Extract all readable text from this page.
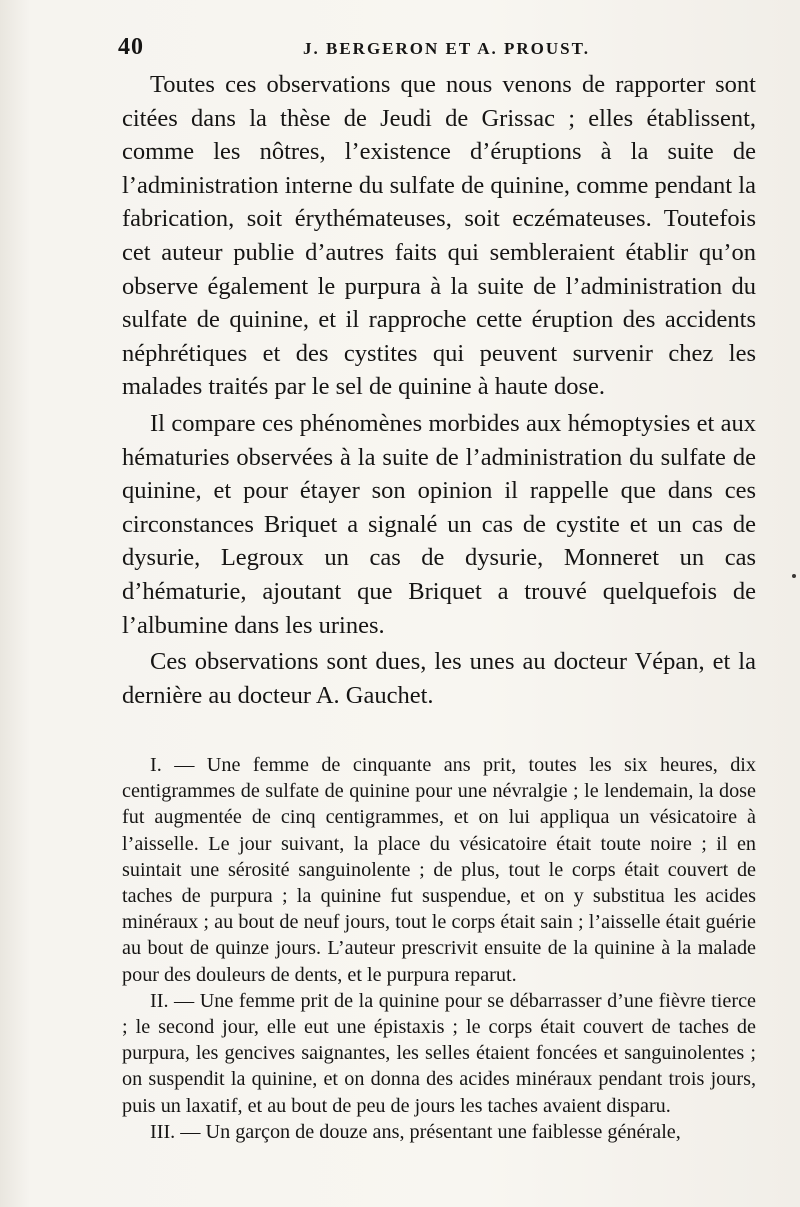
40	J. BERGERON ET A. PROUST.

Toutes ces observations que nous venons de rapporter sont citées dans la thèse de Jeudi de Grissac ; elles établissent, comme les nôtres, l’existence d’éruptions à la suite de l’administration interne du sulfate de quinine, comme pendant la fabrication, soit érythémateuses, soit eczémateuses. Toutefois cet auteur publie d’autres faits qui sembleraient établir qu’on observe également le purpura à la suite de l’administration du sulfate de quinine, et il rapproche cette éruption des accidents néphrétiques et des cystites qui peuvent survenir chez les malades traités par le sel de quinine à haute dose.

Il compare ces phénomènes morbides aux hémoptysies et aux hématuries observées à la suite de l’administration du sulfate de quinine, et pour étayer son opinion il rappelle que dans ces circonstances Briquet a signalé un cas de cystite et un cas de dysurie, Legroux un cas de dysurie, Monneret un cas d’hématurie, ajoutant que Briquet a trouvé quelquefois de l’albumine dans les urines.

Ces observations sont dues, les unes au docteur Vépan, et la dernière au docteur A. Gauchet.

I. — Une femme de cinquante ans prit, toutes les six heures, dix centigrammes de sulfate de quinine pour une névralgie ; le lendemain, la dose fut augmentée de cinq centigrammes, et on lui appliqua un vésicatoire à l’aisselle. Le jour suivant, la place du vésicatoire était toute noire ; il en suintait une sérosité sanguinolente ; de plus, tout le corps était couvert de taches de purpura ; la quinine fut suspendue, et on y substitua les acides minéraux ; au bout de neuf jours, tout le corps était sain ; l’aisselle était guérie au bout de quinze jours. L’auteur prescrivit ensuite de la quinine à la malade pour des douleurs de dents, et le purpura reparut.

II. — Une femme prit de la quinine pour se débarrasser d’une fièvre tierce ; le second jour, elle eut une épistaxis ; le corps était couvert de taches de purpura, les gencives saignantes, les selles étaient foncées et sanguinolentes ; on suspendit la quinine, et on donna des acides minéraux pendant trois jours, puis un laxatif, et au bout de peu de jours les taches avaient disparu.

III. — Un garçon de douze ans, présentant une faiblesse générale,
